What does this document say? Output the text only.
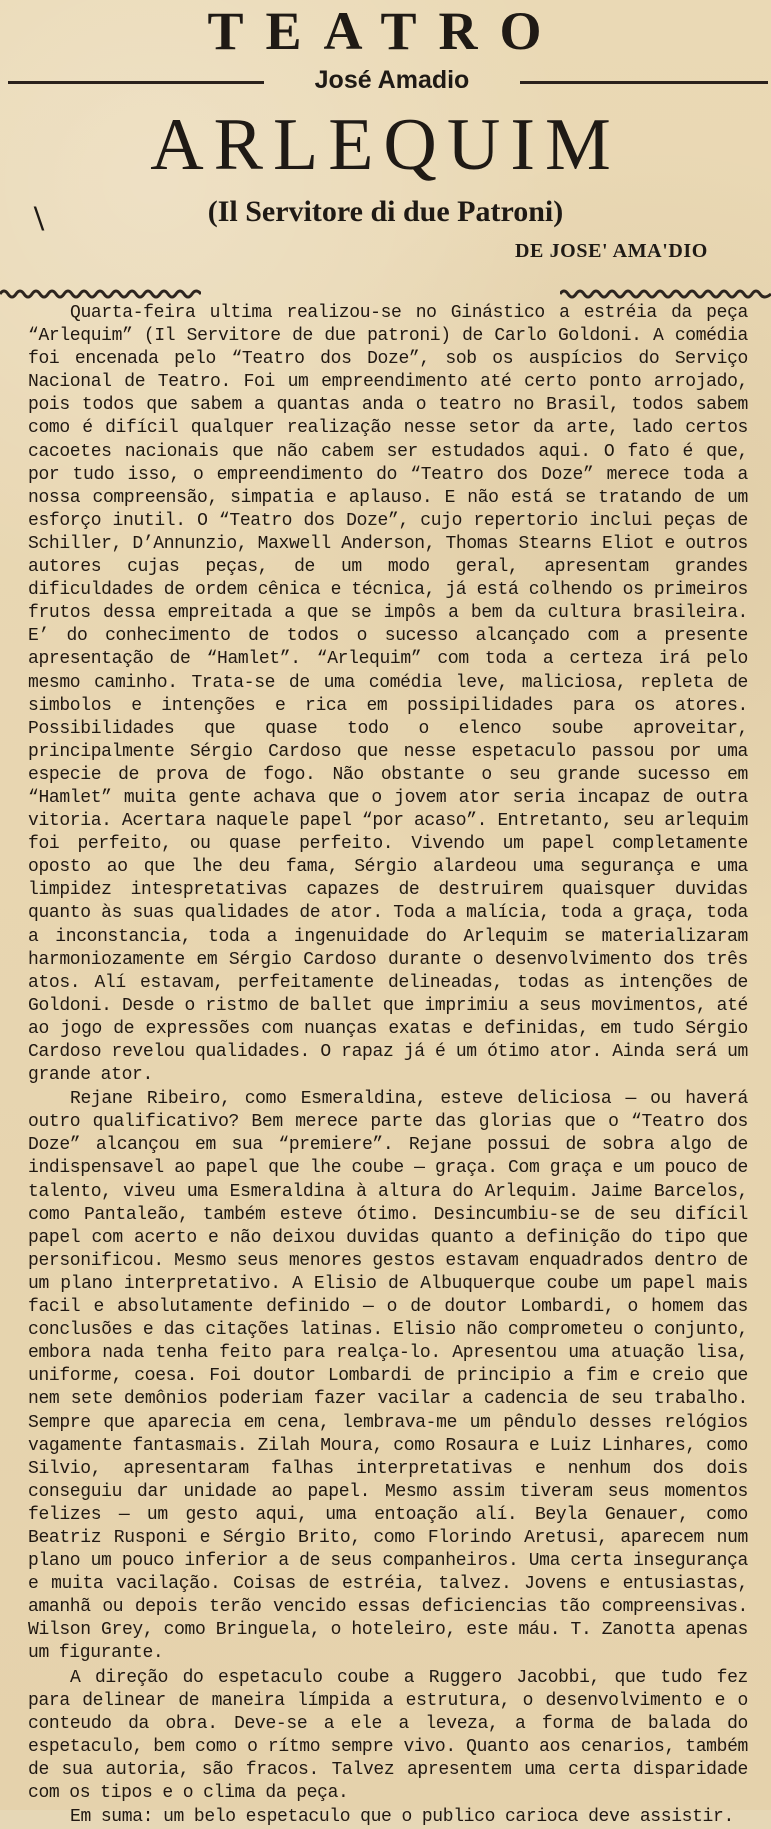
TEATRO
José Amadio
ARLEQUIM
\	(Il Servitore di due Patroni)
DE JOSE' AMA'DIO

Quarta-feira ultima realizou-se no Ginástico a estréia da peça “Arlequim” (Il Servitore de due patroni) de Carlo Goldoni. A comédia foi encenada pelo “Teatro dos Doze”, sob os auspícios do Serviço Nacional de Teatro. Foi um empreendimento até certo ponto arrojado, pois todos que sabem a quantas anda o teatro no Brasil, todos sabem como é difícil qualquer realização nesse setor da arte, lado certos cacoetes nacionais que não cabem ser estudados aqui. O fato é que, por tudo isso, o empreendimento do “Teatro dos Doze” merece toda a nossa compreensão, simpatia e aplauso. E não está se tratando de um esforço inutil. O “Teatro dos Doze”, cujo repertorio inclui peças de Schiller, D’Annunzio, Maxwell Anderson, Thomas Stearns Eliot e outros autores cujas peças, de um modo geral, apresentam grandes dificuldades de ordem cênica e técnica, já está colhendo os primeiros frutos dessa empreitada a que se impôs a bem da cultura brasileira. E’ do conhecimento de todos o sucesso alcançado com a presente apresentação de “Hamlet”. “Arlequim” com toda a certeza irá pelo mesmo caminho. Trata-se de uma comédia leve, maliciosa, repleta de simbolos e intenções e rica em possipilidades para os atores. Possibilidades que quase todo o elenco soube aproveitar, principalmente Sérgio Cardoso que nesse espetaculo passou por uma especie de prova de fogo. Não obstante o seu grande sucesso em “Hamlet” muita gente achava que o jovem ator seria incapaz de outra vitoria. Acertara naquele papel “por acaso”. Entretanto, seu arlequim foi perfeito, ou quase perfeito. Vivendo um papel completamente oposto ao que lhe deu fama, Sérgio alardeou uma segurança e uma limpidez intespretativas capazes de destruirem quaisquer duvidas quanto às suas qualidades de ator. Toda a malícia, toda a graça, toda a inconstancia, toda a ingenuidade do Arlequim se materializaram harmoniozamente em Sérgio Cardoso durante o desenvolvimento dos três atos. Alí estavam, perfeitamente delineadas, todas as intenções de Goldoni. Desde o ristmo de ballet que imprimiu a seus movimentos, até ao jogo de expressões com nuanças exatas e definidas, em tudo Sérgio Cardoso revelou qualidades. O rapaz já é um ótimo ator. Ainda será um grande ator.

Rejane Ribeiro, como Esmeraldina, esteve deliciosa — ou haverá outro qualificativo? Bem merece parte das glorias que o “Teatro dos Doze” alcançou em sua “premiere”. Rejane possui de sobra algo de indispensavel ao papel que lhe coube — graça. Com graça e um pouco de talento, viveu uma Esmeraldina à altura do Arlequim. Jaime Barcelos, como Pantaleão, também esteve ótimo. Desincumbiu-se de seu difícil papel com acerto e não deixou duvidas quanto a definição do tipo que personificou. Mesmo seus menores gestos estavam enquadrados dentro de um plano interpretativo. A Elisio de Albuquerque coube um papel mais facil e absolutamente definido — o de doutor Lombardi, o homem das conclusões e das citações latinas. Elisio não comprometeu o conjunto, embora nada tenha feito para realça-lo. Apresentou uma atuação lisa, uniforme, coesa. Foi doutor Lombardi de principio a fim e creio que nem sete demônios poderiam fazer vacilar a cadencia de seu trabalho. Sempre que aparecia em cena, lembrava-me um pêndulo desses relógios vagamente fantasmais. Zilah Moura, como Rosaura e Luiz Linhares, como Silvio, apresentaram falhas interpretativas e nenhum dos dois conseguiu dar unidade ao papel. Mesmo assim tiveram seus momentos felizes — um gesto aqui, uma entoação alí. Beyla Genauer, como Beatriz Rusponi e Sérgio Brito, como Florindo Aretusi, aparecem num plano um pouco inferior a de seus companheiros. Uma certa insegurança e muita vacilação. Coisas de estréia, talvez. Jovens e entusiastas, amanhã ou depois terão vencido essas deficiencias tão compreensivas. Wilson Grey, como Bringuela, o hoteleiro, este máu. T. Zanotta apenas um figurante.

A direção do espetaculo coube a Ruggero Jacobbi, que tudo fez para delinear de maneira límpida a estrutura, o desenvolvimento e o conteudo da obra. Deve-se a ele a leveza, a forma de balada do espetaculo, bem como o rítmo sempre vivo. Quanto aos cenarios, também de sua autoria, são fracos. Talvez apresentem uma certa disparidade com os tipos e o clima da peça.

Em suma: um belo espetaculo que o publico carioca deve assistir.
